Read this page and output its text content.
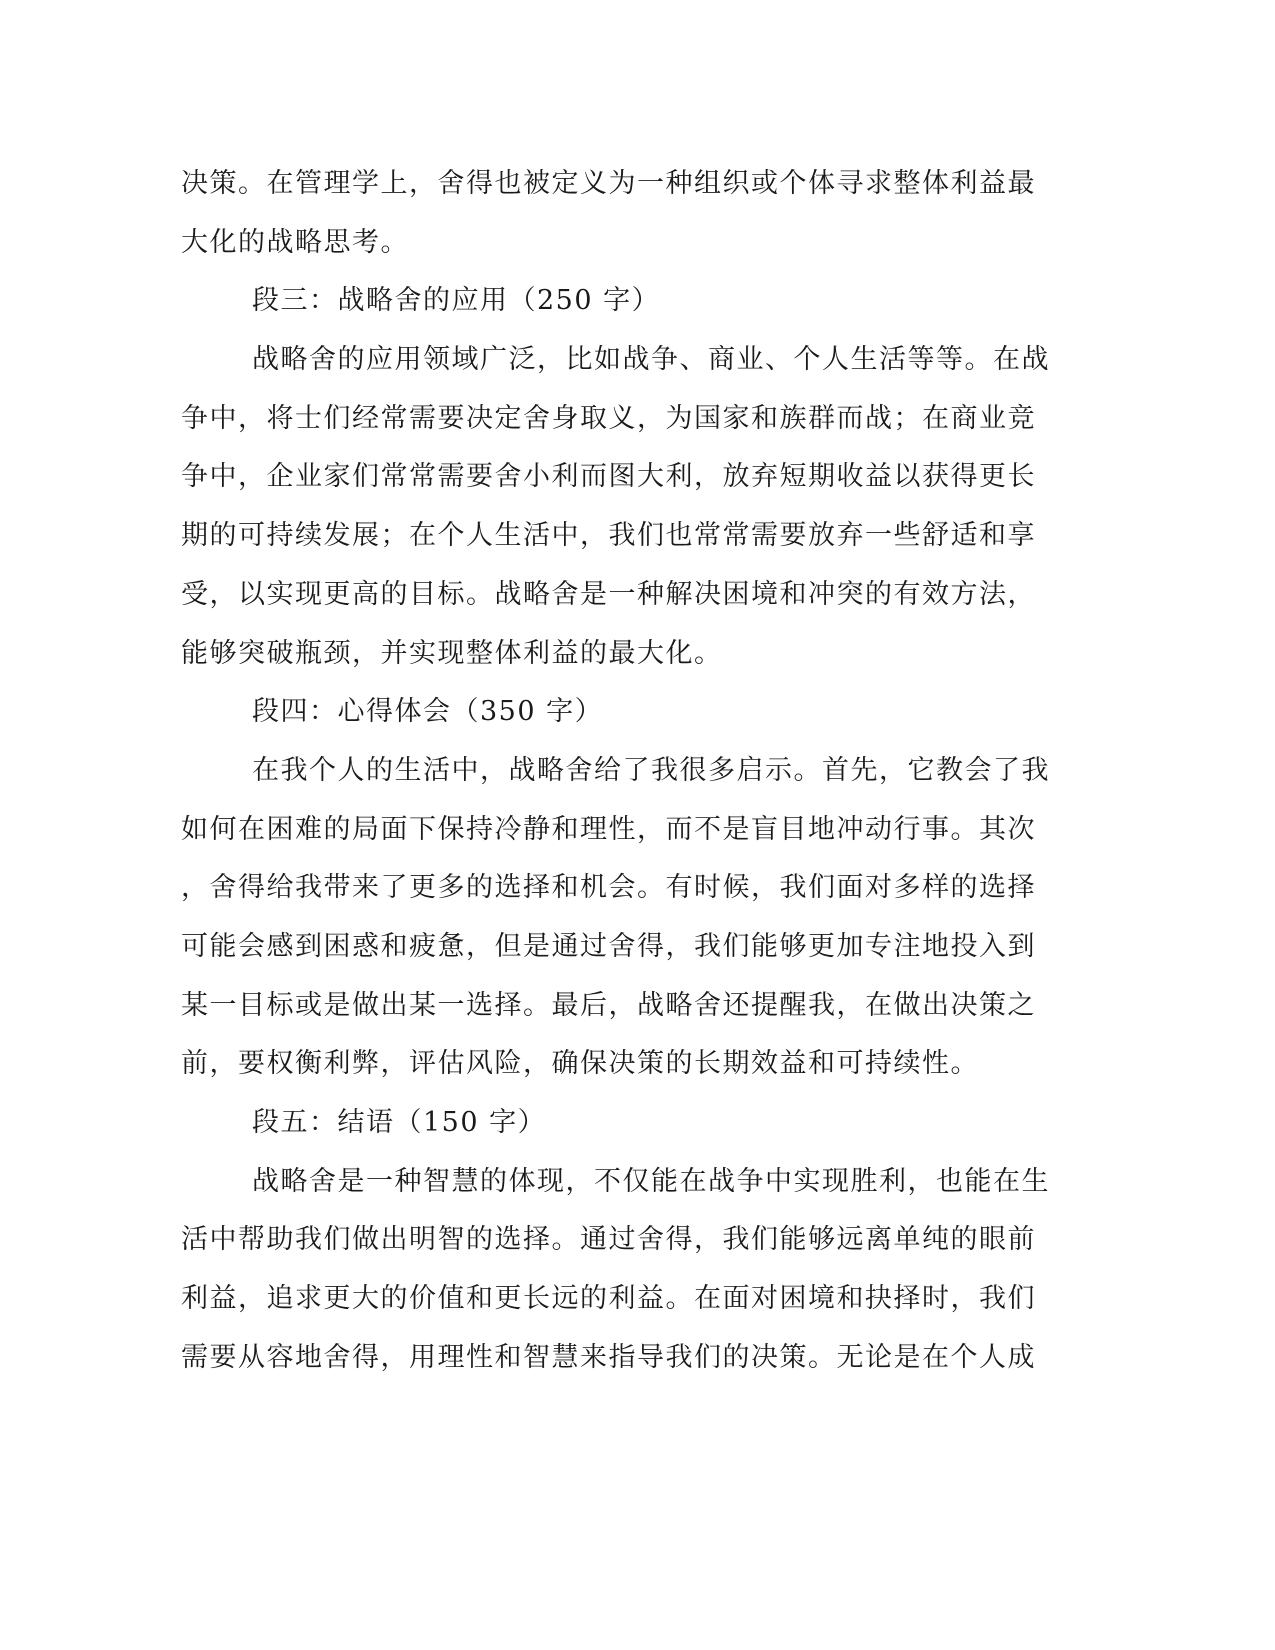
决策。在管理学上，舍得也被定义为一种组织或个体寻求整体利益最
大化的战略思考。
段三：战略舍的应用（250 字）
战略舍的应用领域广泛，比如战争、商业、个人生活等等。在战
争中，将士们经常需要决定舍身取义，为国家和族群而战；在商业竞
争中，企业家们常常需要舍小利而图大利，放弃短期收益以获得更长
期的可持续发展；在个人生活中，我们也常常需要放弃一些舒适和享
受，以实现更高的目标。战略舍是一种解决困境和冲突的有效方法，
能够突破瓶颈，并实现整体利益的最大化。
段四：心得体会（350 字）
在我个人的生活中，战略舍给了我很多启示。首先，它教会了我
如何在困难的局面下保持冷静和理性，而不是盲目地冲动行事。其次
，舍得给我带来了更多的选择和机会。有时候，我们面对多样的选择
可能会感到困惑和疲惫，但是通过舍得，我们能够更加专注地投入到
某一目标或是做出某一选择。最后，战略舍还提醒我，在做出决策之
前，要权衡利弊，评估风险，确保决策的长期效益和可持续性。
段五：结语（150 字）
战略舍是一种智慧的体现，不仅能在战争中实现胜利，也能在生
活中帮助我们做出明智的选择。通过舍得，我们能够远离单纯的眼前
利益，追求更大的价值和更长远的利益。在面对困境和抉择时，我们
需要从容地舍得，用理性和智慧来指导我们的决策。无论是在个人成
